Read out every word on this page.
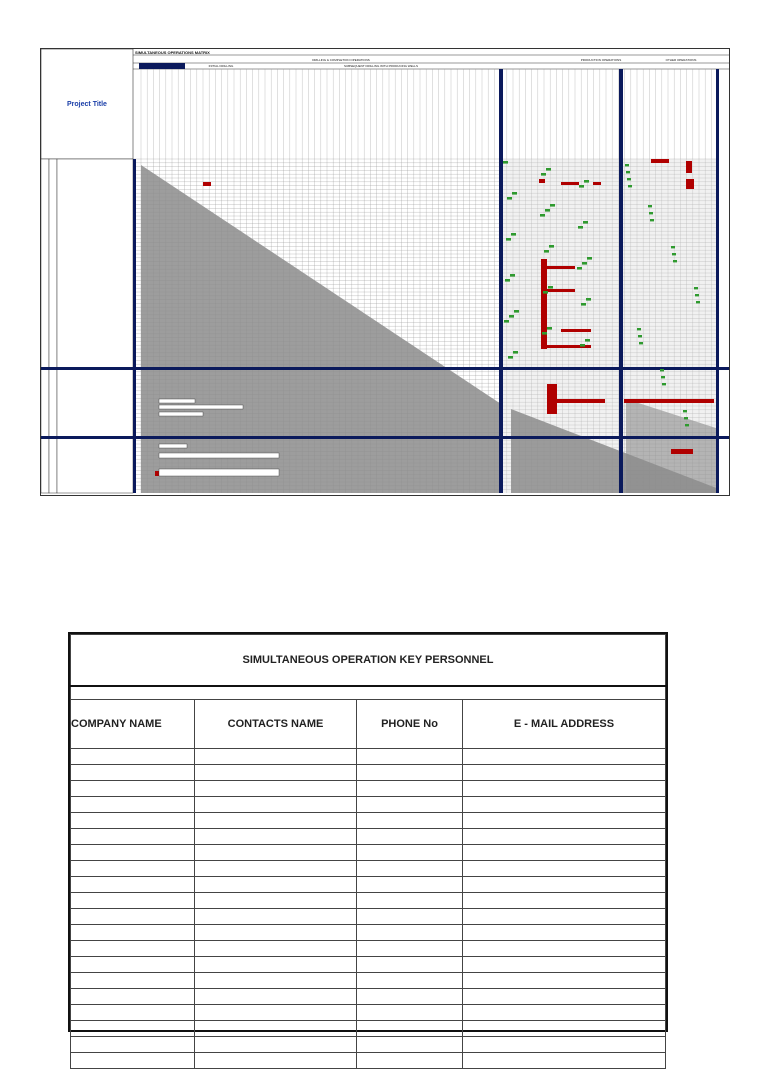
DRILLING & COMPLETION OPERATIONS	PRODUCTION OPERATIONS	OTHER OPERATIONS
INITIAL DRILLING	SUBSEQUENT DRILLING WITH PRODUCING WELLS
SIMULTANEOUS OPERATIONS MATRIX
Project Title
SIMULTANEOUS OPERATION KEY PERSONNEL			

COMPANY NAME	CONTACTS NAME	PHONE No	E - MAIL ADDRESS
